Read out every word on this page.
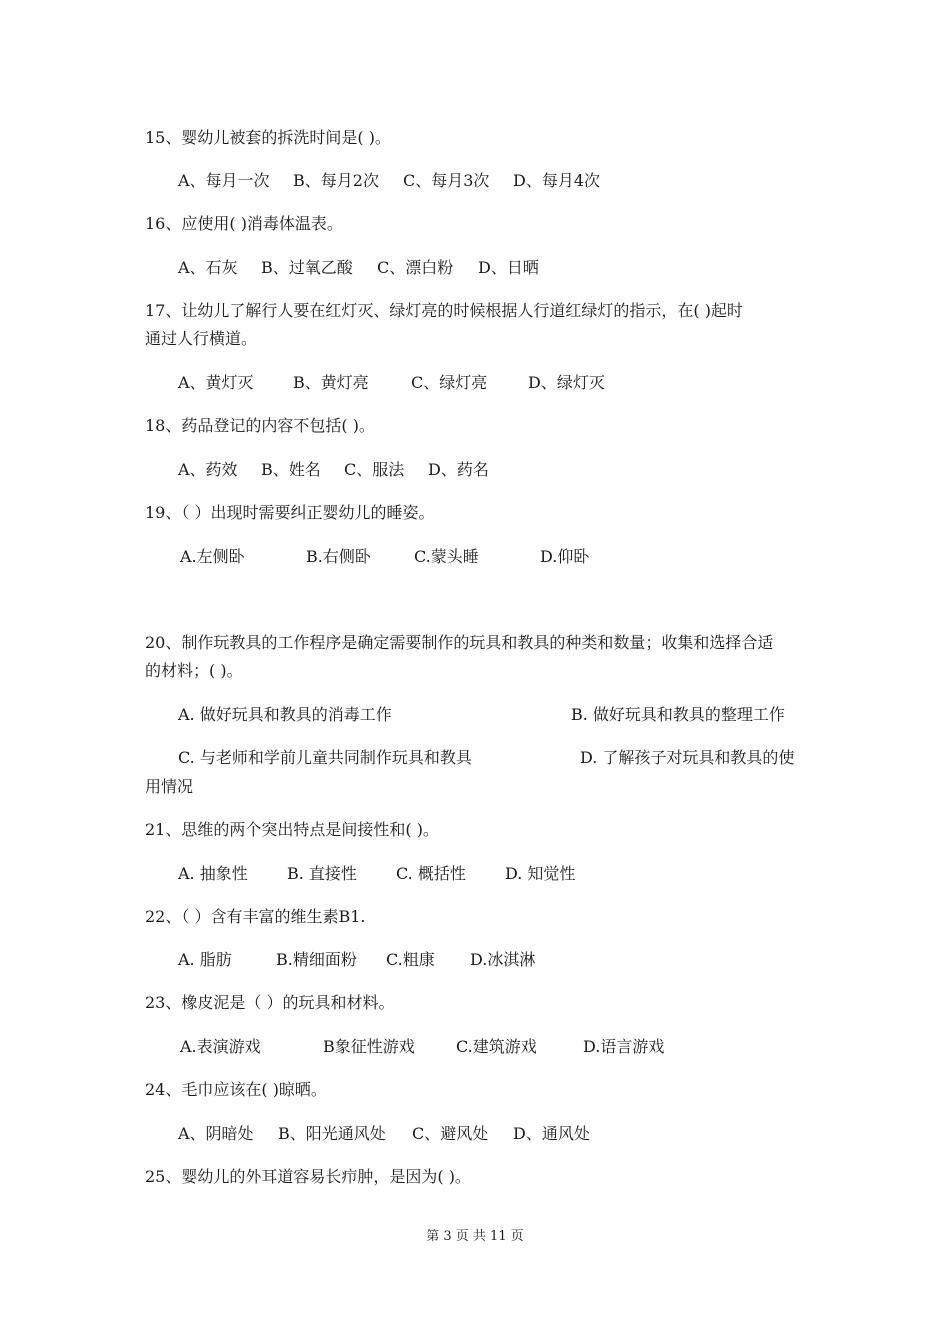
15、婴幼儿被套的拆洗时间是( )。
A、每月一次 B、每月2次 C、每月3次 D、每月4次
16、应使用( )消毒体温表。
A、石灰 B、过氧乙酸 C、漂白粉 D、日晒
17、让幼儿了解行人要在红灯灭、绿灯亮的时候根据人行道红绿灯的指示，在( )起时
通过人行横道。
A、黄灯灭 B、黄灯亮	C、绿灯亮	D、绿灯灭
18、药品登记的内容不包括( )。
A、药效 B、姓名 C、服法 D、药名
19、（ ）出现时需要纠正婴幼儿的睡姿。
A.左侧卧	B.右侧卧	C.蒙头睡	D.仰卧
20、制作玩教具的工作程序是确定需要制作的玩具和教具的种类和数量；收集和选择合适
的材料；( )。
A. 做好玩具和教具的消毒工作	B. 做好玩具和教具的整理工作
C. 与老师和学前儿童共同制作玩具和教具	D. 了解孩子对玩具和教具的使
用情况
21、思维的两个突出特点是间接性和( )。
A. 抽象性 B. 直接性 C. 概括性 D. 知觉性
22、（ ）含有丰富的维生素B1.
A. 脂肪	B.精细面粉 C.粗康 D.冰淇淋
23、橡皮泥是（ ）的玩具和材料。
A.表演游戏	B象征性游戏	C.建筑游戏	D.语言游戏
24、毛巾应该在( )晾晒。
A、阴暗处 B、阳光通风处 C、避风处 D、通风处
25、婴幼儿的外耳道容易长疖肿，是因为( )。
第 3 页 共 11 页
